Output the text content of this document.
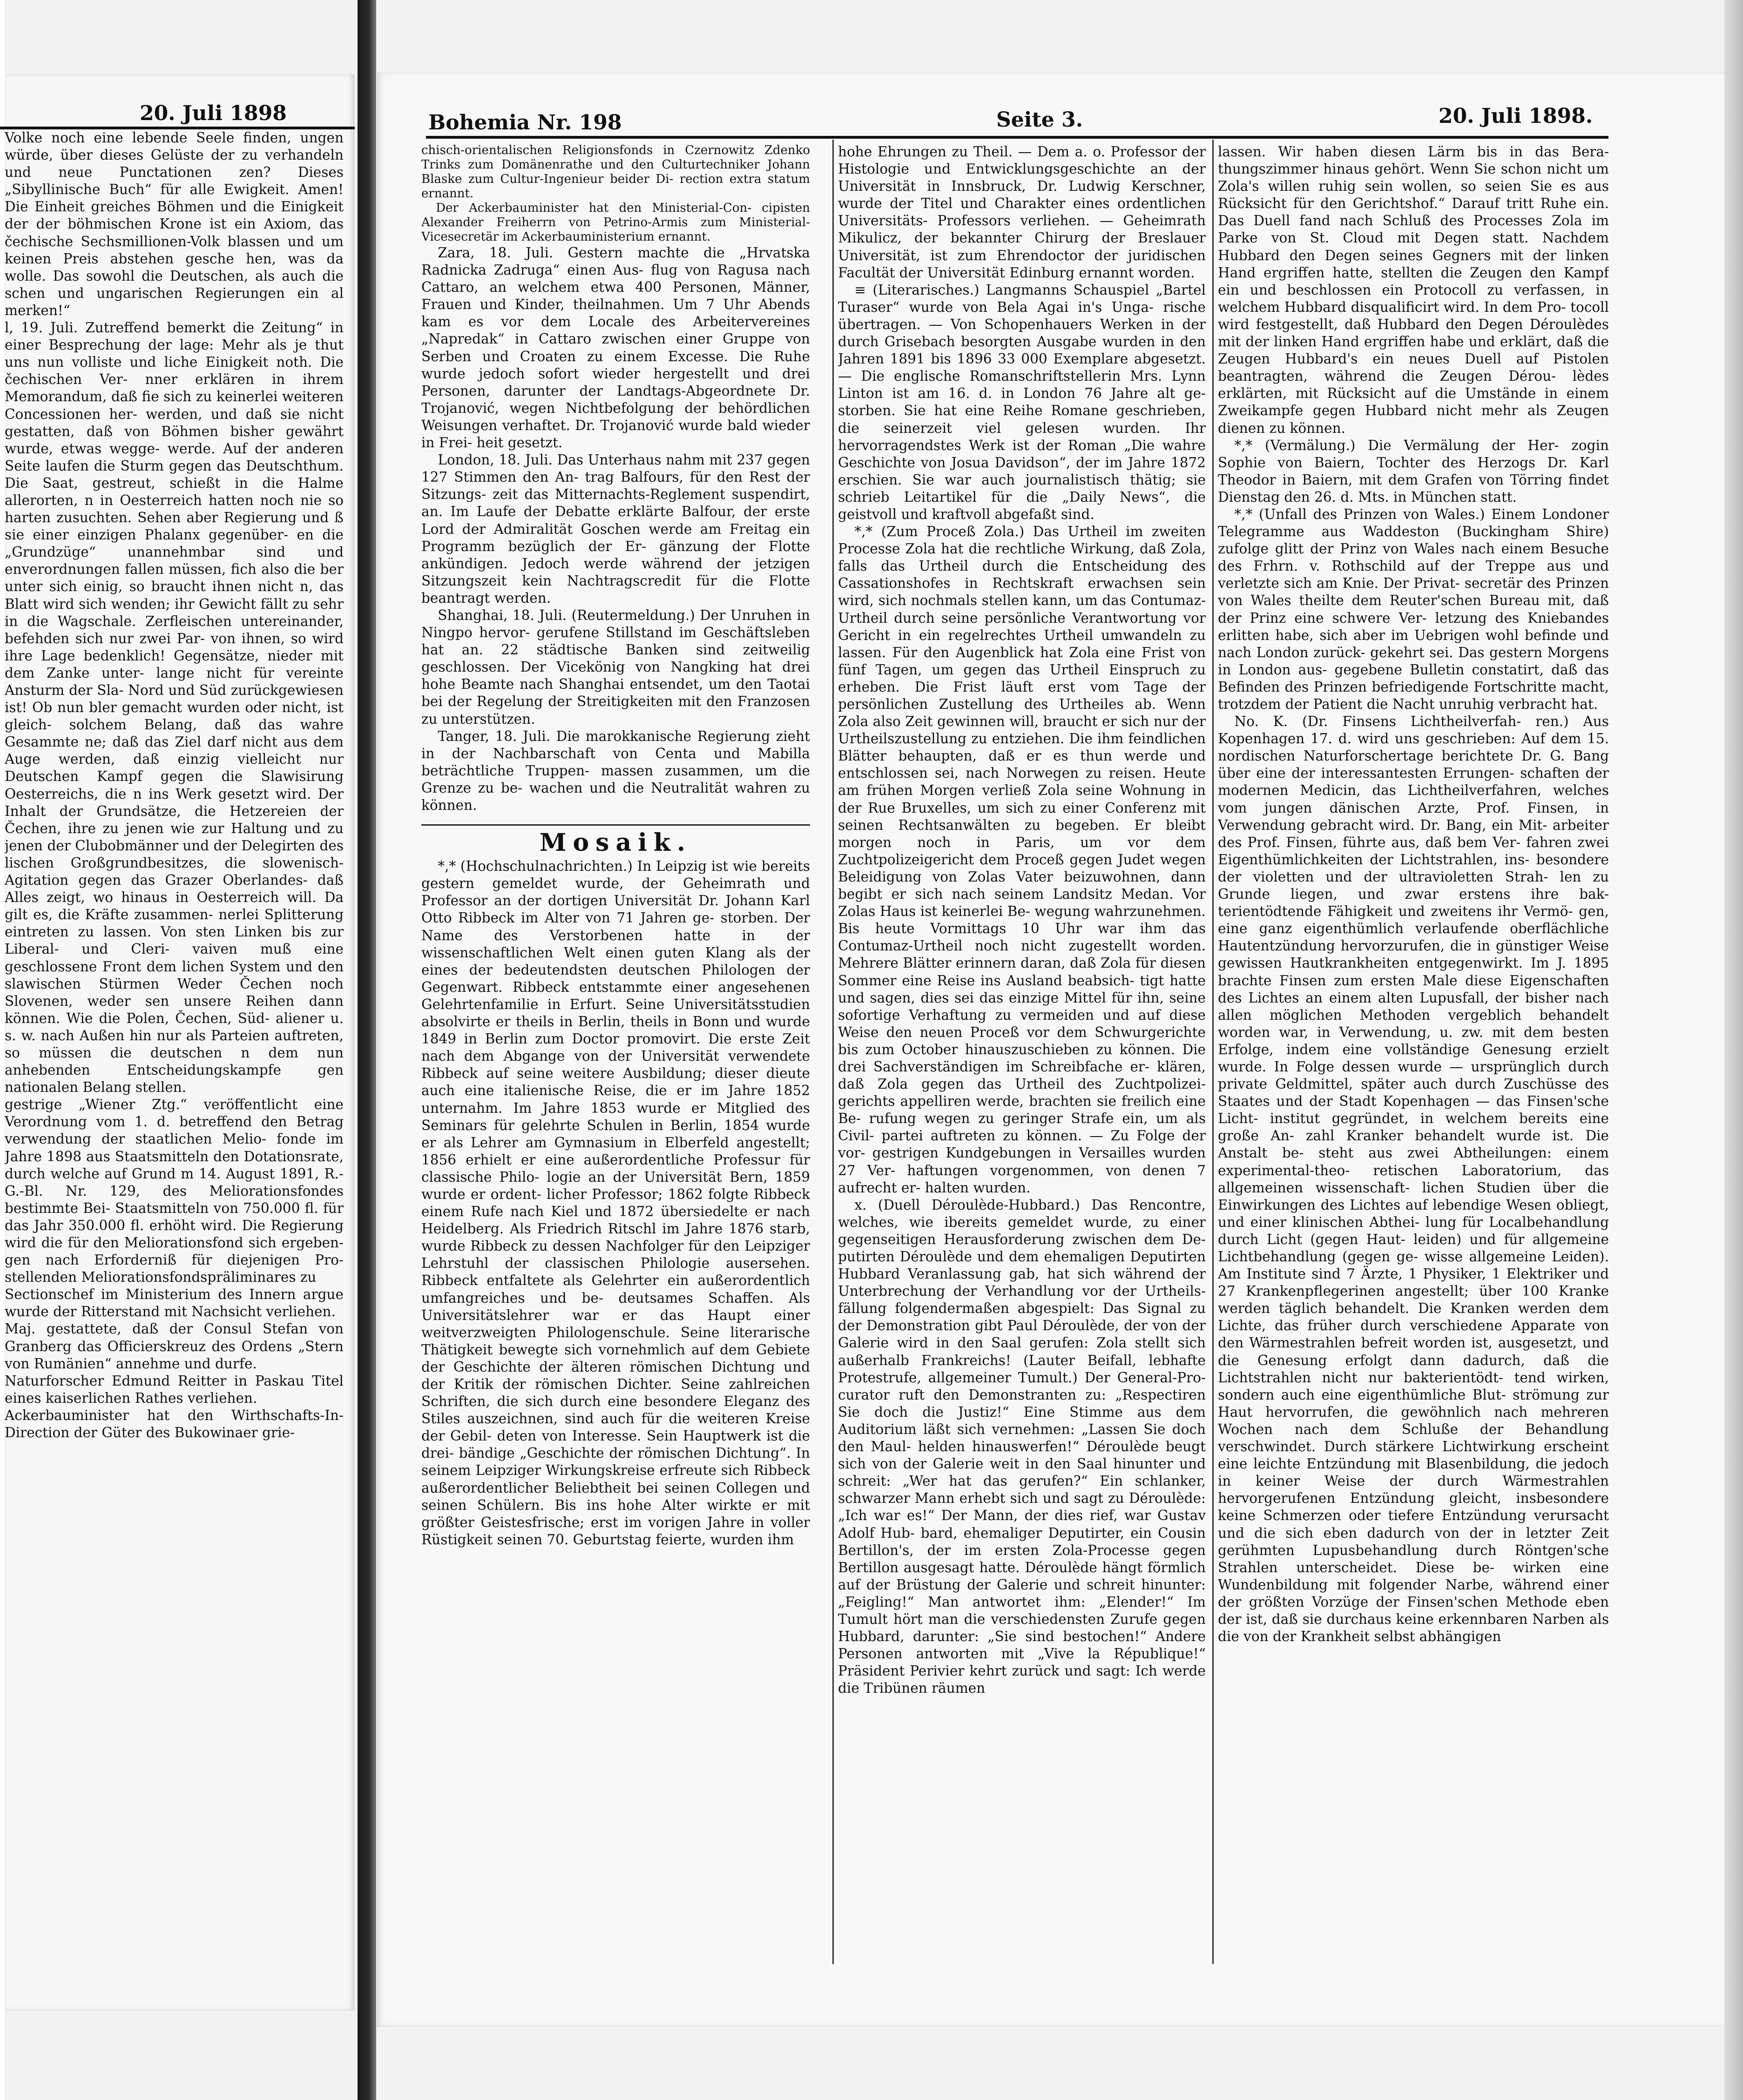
20. Juli 1898

Volke noch eine lebende Seele finden, ungen würde, über dieses Gelüste der zu verhandeln und neue Punctationen zen? Dieses „Sibyllinische Buch“ für alle Ewigkeit. Amen! Die Einheit greiches Böhmen und die Einigkeit der der böhmischen Krone ist ein Axiom, das čechische Sechsmillionen-Volk blassen und um keinen Preis abstehen gesche hen, was da wolle. Das sowohl die Deutschen, als auch die schen und ungarischen Regierungen ein al merken!“

l, 19. Juli. Zutreffend bemerkt die Zeitung“ in einer Besprechung der lage: Mehr als je thut uns nun volliste und liche Einigkeit noth. Die čechischen Ver- nner erklären in ihrem Memorandum, daß fie sich zu keinerlei weiteren Concessionen her- werden, und daß sie nicht gestatten, daß von Böhmen bisher gewährt wurde, etwas wegge- werde. Auf der anderen Seite laufen die Sturm gegen das Deutschthum. Die Saat, gestreut, schießt in die Halme allerorten, n in Oesterreich hatten noch nie so harten zusuchten. Sehen aber Regierung und ß sie einer einzigen Phalanx gegenüber- en die „Grundzüge“ unannehmbar sind und enverordnungen fallen müssen, fich also die ber unter sich einig, so braucht ihnen nicht n, das Blatt wird sich wenden; ihr Gewicht fällt zu sehr in die Wagschale. Zerfleischen untereinander, befehden sich nur zwei Par- von ihnen, so wird ihre Lage bedenklich! Gegensätze, nieder mit dem Zanke unter- lange nicht für vereinte Ansturm der Sla- Nord und Süd zurückgewiesen ist! Ob nun bler gemacht wurden oder nicht, ist gleich- solchem Belang, daß das wahre Gesammte ne; daß das Ziel darf nicht aus dem Auge werden, daß einzig vielleicht nur Deutschen Kampf gegen die Slawisirung Oesterreichs, die n ins Werk gesetzt wird. Der Inhalt der Grundsätze, die Hetzereien der Čechen, ihre zu jenen wie zur Haltung und zu jenen der Clubobmänner und der Delegirten des lischen Großgrundbesitzes, die slowenisch- Agitation gegen das Grazer Oberlandes- daß Alles zeigt, wo hinaus in Oesterreich will. Da gilt es, die Kräfte zusammen- nerlei Splitterung eintreten zu lassen. Von sten Linken bis zur Liberal- und Cleri- vaiven muß eine geschlossene Front dem lichen System und den slawischen Stürmen Weder Čechen noch Slovenen, weder sen unsere Reihen dann können. Wie die Polen, Čechen, Süd- aliener u. s. w. nach Außen hin nur als Parteien auftreten, so müssen die deutschen n dem nun anhebenden Entscheidungskampfe gen nationalen Belang stellen.

gestrige „Wiener Ztg.“ veröffentlicht eine Verordnung vom 1. d. betreffend den Betrag verwendung der staatlichen Melio- fonde im Jahre 1898 aus Staatsmitteln den Dotationsrate, durch welche auf Grund m 14. August 1891, R.-G.-Bl. Nr. 129, des Meliorationsfondes bestimmte Bei- Staatsmitteln von 750.000 fl. für das Jahr 350.000 fl. erhöht wird. Die Regierung wird die für den Meliorationsfond sich ergeben- gen nach Erforderniß für diejenigen Pro- stellenden Meliorationsfondspräliminares zu

Sectionschef im Ministerium des Innern argue wurde der Ritterstand mit Nachsicht verliehen.

Maj. gestattete, daß der Consul Stefan von Granberg das Officierskreuz des Ordens „Stern von Rumänien“ annehme und durfe.

Naturforscher Edmund Reitter in Paskau Titel eines kaiserlichen Rathes verliehen.

Ackerbauminister hat den Wirthschafts-In- Direction der Güter des Bukowinaer grie-

Bohemia Nr. 198	Seite 3.	20. Juli 1898.

chisch-orientalischen Religionsfonds in Czernowitz Zdenko Trinks zum Domänenrathe und den Culturtechniker Johann Blaske zum Cultur-Ingenieur beider Di- rection extra statum ernannt.

Der Ackerbauminister hat den Ministerial-Con- cipisten Alexander Freiherrn von Petrino-Armis zum Ministerial-Vicesecretär im Ackerbauministerium ernannt.

Zara, 18. Juli. Gestern machte die „Hrvatska Radnicka Zadruga“ einen Aus- flug von Ragusa nach Cattaro, an welchem etwa 400 Personen, Männer, Frauen und Kinder, theilnahmen. Um 7 Uhr Abends kam es vor dem Locale des Arbeitervereines „Napredak“ in Cattaro zwischen einer Gruppe von Serben und Croaten zu einem Excesse. Die Ruhe wurde jedoch sofort wieder hergestellt und drei Personen, darunter der Landtags-Abgeordnete Dr. Trojanović, wegen Nichtbefolgung der behördlichen Weisungen verhaftet. Dr. Trojanović wurde bald wieder in Frei- heit gesetzt.

London, 18. Juli. Das Unterhaus nahm mit 237 gegen 127 Stimmen den An- trag Balfours, für den Rest der Sitzungs- zeit das Mitternachts-Reglement suspendirt, an. Im Laufe der Debatte erklärte Balfour, der erste Lord der Admiralität Goschen werde am Freitag ein Programm bezüglich der Er- gänzung der Flotte ankündigen. Jedoch werde während der jetzigen Sitzungszeit kein Nachtragscredit für die Flotte beantragt werden.

Shanghai, 18. Juli. (Reutermeldung.) Der Unruhen in Ningpo hervor- gerufene Stillstand im Geschäftsleben hat an. 22 städtische Banken sind zeitweilig geschlossen. Der Vicekönig von Nangking hat drei hohe Beamte nach Shanghai entsendet, um den Taotai bei der Regelung der Streitigkeiten mit den Franzosen zu unterstützen.

Tanger, 18. Juli. Die marokkanische Regierung zieht in der Nachbarschaft von Centa und Mabilla beträchtliche Truppen- massen zusammen, um die Grenze zu be- wachen und die Neutralität wahren zu können.

Mosaik.

*,* (Hochschulnachrichten.) In Leipzig ist wie bereits gestern gemeldet wurde, der Geheimrath und Professor an der dortigen Universität Dr. Johann Karl Otto Ribbeck im Alter von 71 Jahren ge- storben. Der Name des Verstorbenen hatte in der wissenschaftlichen Welt einen guten Klang als der eines der bedeutendsten deutschen Philologen der Gegenwart. Ribbeck entstammte einer angesehenen Gelehrtenfamilie in Erfurt. Seine Universitätsstudien absolvirte er theils in Berlin, theils in Bonn und wurde 1849 in Berlin zum Doctor promovirt. Die erste Zeit nach dem Abgange von der Universität verwendete Ribbeck auf seine weitere Ausbildung; dieser dieute auch eine italienische Reise, die er im Jahre 1852 unternahm. Im Jahre 1853 wurde er Mitglied des Seminars für gelehrte Schulen in Berlin, 1854 wurde er als Lehrer am Gymnasium in Elberfeld angestellt; 1856 erhielt er eine außerordentliche Professur für classische Philo- logie an der Universität Bern, 1859 wurde er ordent- licher Professor; 1862 folgte Ribbeck einem Rufe nach Kiel und 1872 übersiedelte er nach Heidelberg. Als Friedrich Ritschl im Jahre 1876 starb, wurde Ribbeck zu dessen Nachfolger für den Leipziger Lehrstuhl der classischen Philologie ausersehen. Ribbeck entfaltete als Gelehrter ein außerordentlich umfangreiches und be- deutsames Schaffen. Als Universitätslehrer war er das Haupt einer weitverzweigten Philologenschule. Seine literarische Thätigkeit bewegte sich vornehmlich auf dem Gebiete der Geschichte der älteren römischen Dichtung und der Kritik der römischen Dichter. Seine zahlreichen Schriften, die sich durch eine besondere Eleganz des Stiles auszeichnen, sind auch für die weiteren Kreise der Gebil- deten von Interesse. Sein Hauptwerk ist die drei- bändige „Geschichte der römischen Dichtung“. In seinem Leipziger Wirkungskreise erfreute sich Ribbeck außerordentlicher Beliebtheit bei seinen Collegen und seinen Schülern. Bis ins hohe Alter wirkte er mit größter Geistesfrische; erst im vorigen Jahre in voller Rüstigkeit seinen 70. Geburtstag feierte, wurden ihm

hohe Ehrungen zu Theil. — Dem a. o. Professor der Histologie und Entwicklungsgeschichte an der Universität in Innsbruck, Dr. Ludwig Kerschner, wurde der Titel und Charakter eines ordentlichen Universitäts- Professors verliehen. — Geheimrath Mikulicz, der bekannter Chirurg der Breslauer Universität, ist zum Ehrendoctor der juridischen Facultät der Universität Edinburg ernannt worden.

≡ (Literarisches.) Langmanns Schauspiel „Bartel Turaser“ wurde von Bela Agai in's Unga- rische übertragen. — Von Schopenhauers Werken in der durch Grisebach besorgten Ausgabe wurden in den Jahren 1891 bis 1896 33 000 Exemplare abgesetzt. — Die englische Romanschriftstellerin Mrs. Lynn Linton ist am 16. d. in London 76 Jahre alt ge- storben. Sie hat eine Reihe Romane geschrieben, die seinerzeit viel gelesen wurden. Ihr hervorragendstes Werk ist der Roman „Die wahre Geschichte von Josua Davidson“, der im Jahre 1872 erschien. Sie war auch journalistisch thätig; sie schrieb Leitartikel für die „Daily News“, die geistvoll und kraftvoll abgefaßt sind.

*,* (Zum Proceß Zola.) Das Urtheil im zweiten Processe Zola hat die rechtliche Wirkung, daß Zola, falls das Urtheil durch die Entscheidung des Cassationshofes in Rechtskraft erwachsen sein wird, sich nochmals stellen kann, um das Contumaz-Urtheil durch seine persönliche Verantwortung vor Gericht in ein regelrechtes Urtheil umwandeln zu lassen. Für den Augenblick hat Zola eine Frist von fünf Tagen, um gegen das Urtheil Einspruch zu erheben. Die Frist läuft erst vom Tage der persönlichen Zustellung des Urtheiles ab. Wenn Zola also Zeit gewinnen will, braucht er sich nur der Urtheilszustellung zu entziehen. Die ihm feindlichen Blätter behaupten, daß er es thun werde und entschlossen sei, nach Norwegen zu reisen. Heute am frühen Morgen verließ Zola seine Wohnung in der Rue Bruxelles, um sich zu einer Conferenz mit seinen Rechtsanwälten zu begeben. Er bleibt morgen noch in Paris, um vor dem Zuchtpolizeigericht dem Proceß gegen Judet wegen Beleidigung von Zolas Vater beizuwohnen, dann begibt er sich nach seinem Landsitz Medan. Vor Zolas Haus ist keinerlei Be- wegung wahrzunehmen. Bis heute Vormittags 10 Uhr war ihm das Contumaz-Urtheil noch nicht zugestellt worden. Mehrere Blätter erinnern daran, daß Zola für diesen Sommer eine Reise ins Ausland beabsich- tigt hatte und sagen, dies sei das einzige Mittel für ihn, seine sofortige Verhaftung zu vermeiden und auf diese Weise den neuen Proceß vor dem Schwurgerichte bis zum October hinauszuschieben zu können. Die drei Sachverständigen im Schreibfache er- klären, daß Zola gegen das Urtheil des Zuchtpolizei- gerichts appelliren werde, brachten sie freilich eine Be- rufung wegen zu geringer Strafe ein, um als Civil- partei auftreten zu können. — Zu Folge der vor- gestrigen Kundgebungen in Versailles wurden 27 Ver- haftungen vorgenommen, von denen 7 aufrecht er- halten wurden.

x. (Duell Déroulède-Hubbard.) Das Rencontre, welches, wie ibereits gemeldet wurde, zu einer gegenseitigen Herausforderung zwischen dem De- putirten Déroulède und dem ehemaligen Deputirten Hubbard Veranlassung gab, hat sich während der Unterbrechung der Verhandlung vor der Urtheils- fällung folgendermaßen abgespielt: Das Signal zu der Demonstration gibt Paul Déroulède, der von der Galerie wird in den Saal gerufen: Zola stellt sich außerhalb Frankreichs! (Lauter Beifall, lebhafte Protestrufe, allgemeiner Tumult.) Der General-Pro- curator ruft den Demonstranten zu: „Respectiren Sie doch die Justiz!“ Eine Stimme aus dem Auditorium läßt sich vernehmen: „Lassen Sie doch den Maul- helden hinauswerfen!“ Déroulède beugt sich von der Galerie weit in den Saal hinunter und schreit: „Wer hat das gerufen?“ Ein schlanker, schwarzer Mann erhebt sich und sagt zu Déroulède: „Ich war es!“ Der Mann, der dies rief, war Gustav Adolf Hub- bard, ehemaliger Deputirter, ein Cousin Bertillon's, der im ersten Zola-Processe gegen Bertillon ausgesagt hatte. Déroulède hängt förmlich auf der Brüstung der Galerie und schreit hinunter: „Feigling!“ Man antwortet ihm: „Elender!“ Im Tumult hört man die verschiedensten Zurufe gegen Hubbard, darunter: „Sie sind bestochen!“ Andere Personen antworten mit „Vive la République!“ Präsident Perivier kehrt zurück und sagt: Ich werde die Tribünen räumen

lassen. Wir haben diesen Lärm bis in das Bera- thungszimmer hinaus gehört. Wenn Sie schon nicht um Zola's willen ruhig sein wollen, so seien Sie es aus Rücksicht für den Gerichtshof.“ Darauf tritt Ruhe ein. Das Duell fand nach Schluß des Processes Zola im Parke von St. Cloud mit Degen statt. Nachdem Hubbard den Degen seines Gegners mit der linken Hand ergriffen hatte, stellten die Zeugen den Kampf ein und beschlossen ein Protocoll zu verfassen, in welchem Hubbard disqualificirt wird. In dem Pro- tocoll wird festgestellt, daß Hubbard den Degen Déroulèdes mit der linken Hand ergriffen habe und erklärt, daß die Zeugen Hubbard's ein neues Duell auf Pistolen beantragten, während die Zeugen Dérou- lèdes erklärten, mit Rücksicht auf die Umstände in einem Zweikampfe gegen Hubbard nicht mehr als Zeugen dienen zu können.

*,* (Vermälung.) Die Vermälung der Her- zogin Sophie von Baiern, Tochter des Herzogs Dr. Karl Theodor in Baiern, mit dem Grafen von Törring findet Dienstag den 26. d. Mts. in München statt.

*,* (Unfall des Prinzen von Wales.) Einem Londoner Telegramme aus Waddeston (Buckingham Shire) zufolge glitt der Prinz von Wales nach einem Besuche des Frhrn. v. Rothschild auf der Treppe aus und verletzte sich am Knie. Der Privat- secretär des Prinzen von Wales theilte dem Reuter'schen Bureau mit, daß der Prinz eine schwere Ver- letzung des Kniebandes erlitten habe, sich aber im Uebrigen wohl befinde und nach London zurück- gekehrt sei. Das gestern Morgens in London aus- gegebene Bulletin constatirt, daß das Befinden des Prinzen befriedigende Fortschritte macht, trotzdem der Patient die Nacht unruhig verbracht hat.

No. K. (Dr. Finsens Lichtheilverfah- ren.) Aus Kopenhagen 17. d. wird uns geschrieben: Auf dem 15. nordischen Naturforschertage berichtete Dr. G. Bang über eine der interessantesten Errungen- schaften der modernen Medicin, das Lichtheilverfahren, welches vom jungen dänischen Arzte, Prof. Finsen, in Verwendung gebracht wird. Dr. Bang, ein Mit- arbeiter des Prof. Finsen, führte aus, daß bem Ver- fahren zwei Eigenthümlichkeiten der Lichtstrahlen, ins- besondere der violetten und der ultravioletten Strah- len zu Grunde liegen, und zwar erstens ihre bak- terientödtende Fähigkeit und zweitens ihr Vermö- gen, eine ganz eigenthümlich verlaufende oberflächliche Hautentzündung hervorzurufen, die in günstiger Weise gewissen Hautkrankheiten entgegenwirkt. Im J. 1895 brachte Finsen zum ersten Male diese Eigenschaften des Lichtes an einem alten Lupusfall, der bisher nach allen möglichen Methoden vergeblich behandelt worden war, in Verwendung, u. zw. mit dem besten Erfolge, indem eine vollständige Genesung erzielt wurde. In Folge dessen wurde — ursprünglich durch private Geldmittel, später auch durch Zuschüsse des Staates und der Stadt Kopenhagen — das Finsen'sche Licht- institut gegründet, in welchem bereits eine große An- zahl Kranker behandelt wurde ist. Die Anstalt be- steht aus zwei Abtheilungen: einem experimental-theo- retischen Laboratorium, das allgemeinen wissenschaft- lichen Studien über die Einwirkungen des Lichtes auf lebendige Wesen obliegt, und einer klinischen Abthei- lung für Localbehandlung durch Licht (gegen Haut- leiden) und für allgemeine Lichtbehandlung (gegen ge- wisse allgemeine Leiden). Am Institute sind 7 Ärzte, 1 Physiker, 1 Elektriker und 27 Krankenpflegerinen angestellt; über 100 Kranke werden täglich behandelt. Die Kranken werden dem Lichte, das früher durch verschiedene Apparate von den Wärmestrahlen befreit worden ist, ausgesetzt, und die Genesung erfolgt dann dadurch, daß die Lichtstrahlen nicht nur bakterientödt- tend wirken, sondern auch eine eigenthümliche Blut- strömung zur Haut hervorrufen, die gewöhnlich nach mehreren Wochen nach dem Schluße der Behandlung verschwindet. Durch stärkere Lichtwirkung erscheint eine leichte Entzündung mit Blasenbildung, die jedoch in keiner Weise der durch Wärmestrahlen hervorgerufenen Entzündung gleicht, insbesondere keine Schmerzen oder tiefere Entzündung verursacht und die sich eben dadurch von der in letzter Zeit gerühmten Lupusbehandlung durch Röntgen'sche Strahlen unterscheidet. Diese be- wirken eine Wundenbildung mit folgender Narbe, während einer der größten Vorzüge der Finsen'schen Methode eben der ist, daß sie durchaus keine erkennbaren Narben als die von der Krankheit selbst abhängigen
